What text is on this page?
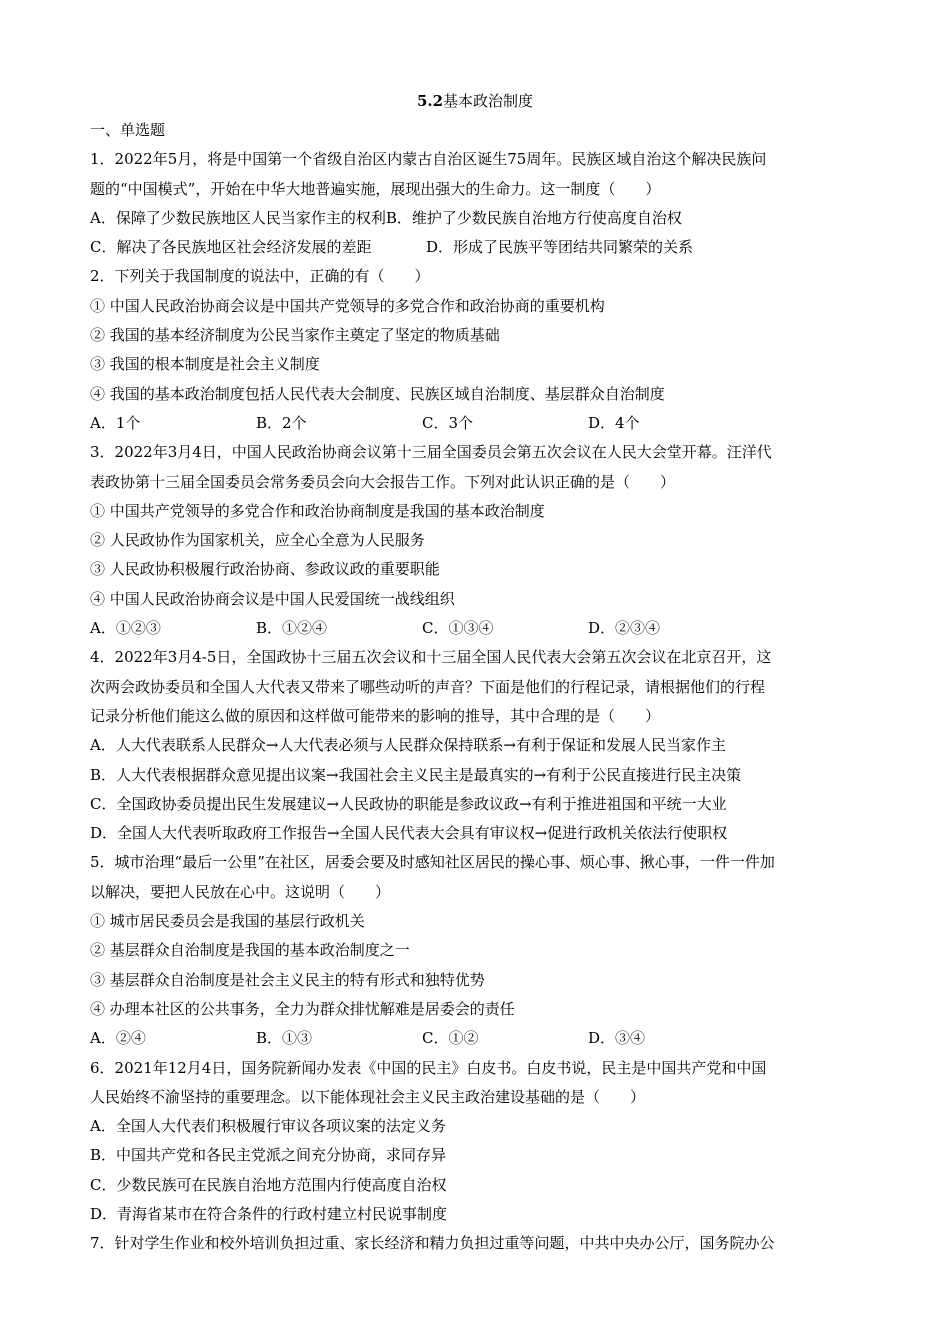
5.2基本政治制度
一、单选题
1．2022年5月，将是中国第一个省级自治区内蒙古自治区诞生75周年。民族区域自治这个解决民族问
题的“中国模式”，开始在中华大地普遍实施，展现出强大的生命力。这一制度（　　）
A．保障了少数民族地区人民当家作主的权利 B．维护了少数民族自治地方行使高度自治权
C．解决了各民族地区社会经济发展的差距	D．形成了民族平等团结共同繁荣的关系
2．下列关于我国制度的说法中，正确的有（　　）
① 中国人民政治协商会议是中国共产党领导的多党合作和政治协商的重要机构
② 我国的基本经济制度为公民当家作主奠定了坚定的物质基础
③ 我国的根本制度是社会主义制度
④ 我国的基本政治制度包括人民代表大会制度、民族区域自治制度、基层群众自治制度
A．1个	B．2个	C．3个	D．4个
3．2022年3月4日，中国人民政治协商会议第十三届全国委员会第五次会议在人民大会堂开幕。汪洋代
表政协第十三届全国委员会常务委员会向大会报告工作。下列对此认识正确的是（　　）
① 中国共产党领导的多党合作和政治协商制度是我国的基本政治制度
② 人民政协作为国家机关，应全心全意为人民服务
③ 人民政协积极履行政治协商、参政议政的重要职能
④ 中国人民政治协商会议是中国人民爱国统一战线组织
A．①②③	B．①②④	C．①③④	D．②③④
4．2022年3月4-5日，全国政协十三届五次会议和十三届全国人民代表大会第五次会议在北京召开，这
次两会政协委员和全国人大代表又带来了哪些动听的声音？下面是他们的行程记录，请根据他们的行程
记录分析他们能这么做的原因和这样做可能带来的影响的推导，其中合理的是（　　）
A．人大代表联系人民群众→人大代表必须与人民群众保持联系→有利于保证和发展人民当家作主
B．人大代表根据群众意见提出议案→我国社会主义民主是最真实的→有利于公民直接进行民主决策
C．全国政协委员提出民生发展建议→人民政协的职能是参政议政→有利于推进祖国和平统一大业
D．全国人大代表听取政府工作报告→全国人民代表大会具有审议权→促进行政机关依法行使职权
5．城市治理“最后一公里”在社区，居委会要及时感知社区居民的操心事、烦心事、揪心事，一件一件加
以解决，要把人民放在心中。这说明（　　）
① 城市居民委员会是我国的基层行政机关
② 基层群众自治制度是我国的基本政治制度之一
③ 基层群众自治制度是社会主义民主的特有形式和独特优势
④ 办理本社区的公共事务，全力为群众排忧解难是居委会的责任
A．②④	B．①③	C．①②	D．③④
6．2021年12月4日，国务院新闻办发表《中国的民主》白皮书。白皮书说，民主是中国共产党和中国
人民始终不渝坚持的重要理念。以下能体现社会主义民主政治建设基础的是（　　）
A．全国人大代表们积极履行审议各项议案的法定义务
B．中国共产党和各民主党派之间充分协商，求同存异
C．少数民族可在民族自治地方范围内行使高度自治权
D．青海省某市在符合条件的行政村建立村民说事制度
7．针对学生作业和校外培训负担过重、家长经济和精力负担过重等问题，中共中央办公厅，国务院办公
